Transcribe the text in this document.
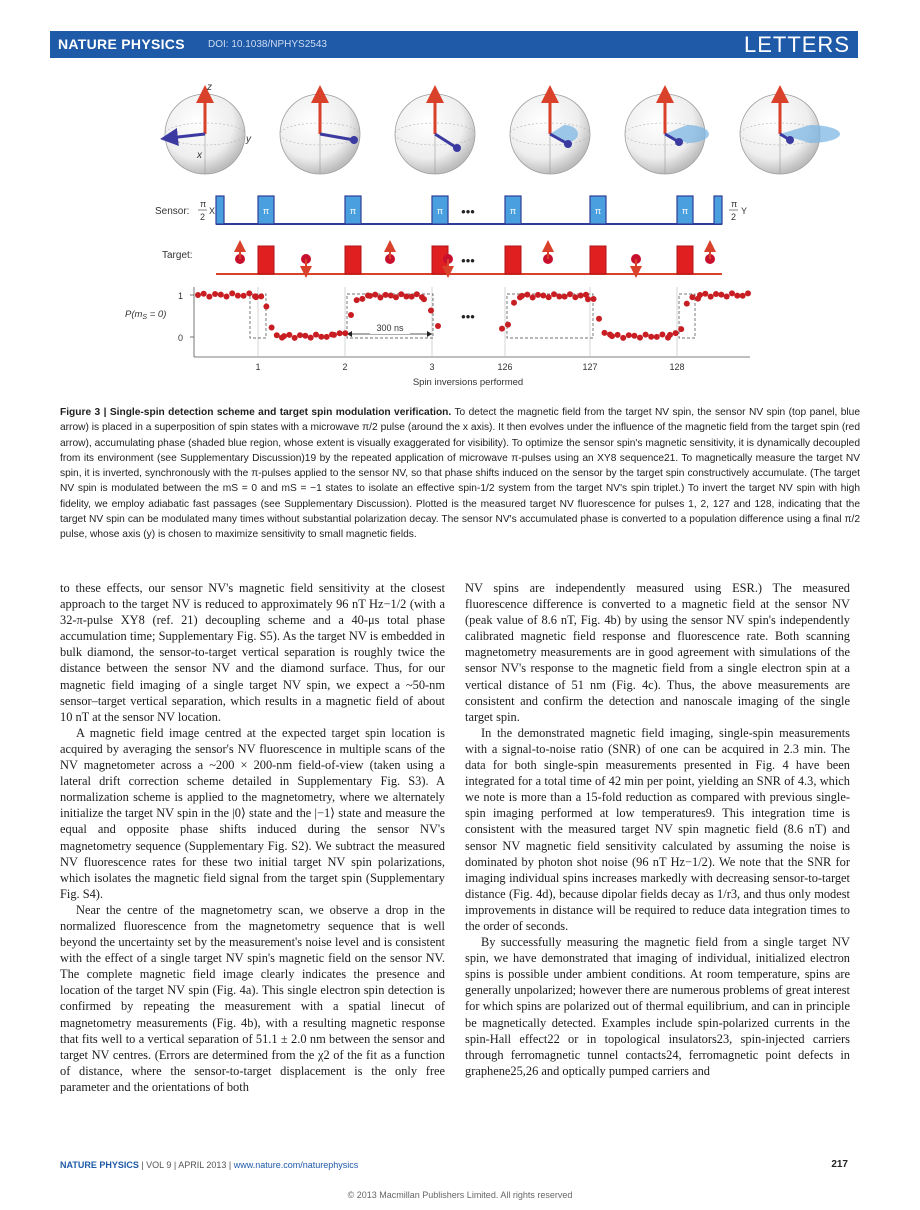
NATURE PHYSICS DOI: 10.1038/NPHYS2543	LETTERS
z
y
x
Sensor:
π
2
X	π	π	π	π	π	π
π
2
Y
•••
Target:	•••
1
0
$P(m_S = 0)$
1	2	3	126	127	128
Spin inversions performed
300 ns
•••
Figure 3 | Single-spin detection scheme and target spin modulation verification. To detect the magnetic field from the target NV spin, the sensor NV spin (top panel, blue arrow) is placed in a superposition of spin states with a microwave π/2 pulse (around the x axis). It then evolves under the influence of the magnetic field from the target spin (red arrow), accumulating phase (shaded blue region, whose extent is visually exaggerated for visibility). To optimize the sensor spin's magnetic sensitivity, it is dynamically decoupled from its environment (see Supplementary Discussion)19 by the repeated application of microwave π-pulses using an XY8 sequence21. To magnetically measure the target NV spin, it is inverted, synchronously with the π-pulses applied to the sensor NV, so that phase shifts induced on the sensor by the target spin constructively accumulate. (The target NV spin is modulated between the mS = 0 and mS = −1 states to isolate an effective spin-1/2 system from the target NV's spin triplet.) To invert the target NV spin with high fidelity, we employ adiabatic fast passages (see Supplementary Discussion). Plotted is the measured target NV fluorescence for pulses 1, 2, 127 and 128, indicating that the target NV spin can be modulated many times without substantial polarization decay. The sensor NV's accumulated phase is converted to a population difference using a final π/2 pulse, whose axis (y) is chosen to maximize sensitivity to small magnetic fields.

to these effects, our sensor NV's magnetic field sensitivity at the closest approach to the target NV is reduced to approximately 96 nT Hz−1/2 (with a 32-π-pulse XY8 (ref. 21) decoupling scheme and a 40-μs total phase accumulation time; Supplementary Fig. S5). As the target NV is embedded in bulk diamond, the sensor-to-target vertical separation is roughly twice the distance between the sensor NV and the diamond surface. Thus, for our magnetic field imaging of a single target NV spin, we expect a ~50-nm sensor–target vertical separation, which results in a magnetic field of about 10 nT at the sensor NV location.

A magnetic field image centred at the expected target spin location is acquired by averaging the sensor's NV fluorescence in multiple scans of the NV magnetometer across a ~200 × 200-nm field-of-view (taken using a lateral drift correction scheme detailed in Supplementary Fig. S3). A normalization scheme is applied to the magnetometry, where we alternately initialize the target NV spin in the |0⟩ state and the |−1⟩ state and measure the equal and opposite phase shifts induced during the sensor NV's magnetometry sequence (Supplementary Fig. S2). We subtract the measured NV fluorescence rates for these two initial target NV spin polarizations, which isolates the magnetic field signal from the target spin (Supplementary Fig. S4).

Near the centre of the magnetometry scan, we observe a drop in the normalized fluorescence from the magnetometry sequence that is well beyond the uncertainty set by the measurement's noise level and is consistent with the effect of a single target NV spin's magnetic field on the sensor NV. The complete magnetic field image clearly indicates the presence and location of the target NV spin (Fig. 4a). This single electron spin detection is confirmed by repeating the measurement with a spatial linecut of magnetometry measurements (Fig. 4b), with a resulting magnetic response that fits well to a vertical separation of 51.1 ± 2.0 nm between the sensor and target NV centres. (Errors are determined from the χ2 of the fit as a function of distance, where the sensor-to-target displacement is the only free parameter and the orientations of both

NV spins are independently measured using ESR.) The measured fluorescence difference is converted to a magnetic field at the sensor NV (peak value of 8.6 nT, Fig. 4b) by using the sensor NV spin's independently calibrated magnetic field response and fluorescence rate. Both scanning magnetometry measurements are in good agreement with simulations of the sensor NV's response to the magnetic field from a single electron spin at a vertical distance of 51 nm (Fig. 4c). Thus, the above measurements are consistent and confirm the detection and nanoscale imaging of the single target spin.

In the demonstrated magnetic field imaging, single-spin measurements with a signal-to-noise ratio (SNR) of one can be acquired in 2.3 min. The data for both single-spin measurements presented in Fig. 4 have been integrated for a total time of 42 min per point, yielding an SNR of 4.3, which we note is more than a 15-fold reduction as compared with previous single-spin imaging performed at low temperatures9. This integration time is consistent with the measured target NV spin magnetic field (8.6 nT) and sensor NV magnetic field sensitivity calculated by assuming the noise is dominated by photon shot noise (96 nT Hz−1/2). We note that the SNR for imaging individual spins increases markedly with decreasing sensor-to-target distance (Fig. 4d), because dipolar fields decay as 1/r3, and thus only modest improvements in distance will be required to reduce data integration times to the order of seconds.

By successfully measuring the magnetic field from a single target NV spin, we have demonstrated that imaging of individual, initialized electron spins is possible under ambient conditions. At room temperature, spins are generally unpolarized; however there are numerous problems of great interest for which spins are polarized out of thermal equilibrium, and can in principle be magnetically detected. Examples include spin-polarized currents in the spin-Hall effect22 or in topological insulators23, spin-injected carriers through ferromagnetic tunnel contacts24, ferromagnetic point defects in graphene25,26 and optically pumped carriers and

NATURE PHYSICS | VOL 9 | APRIL 2013 | www.nature.com/naturephysics	217
© 2013 Macmillan Publishers Limited. All rights reserved
